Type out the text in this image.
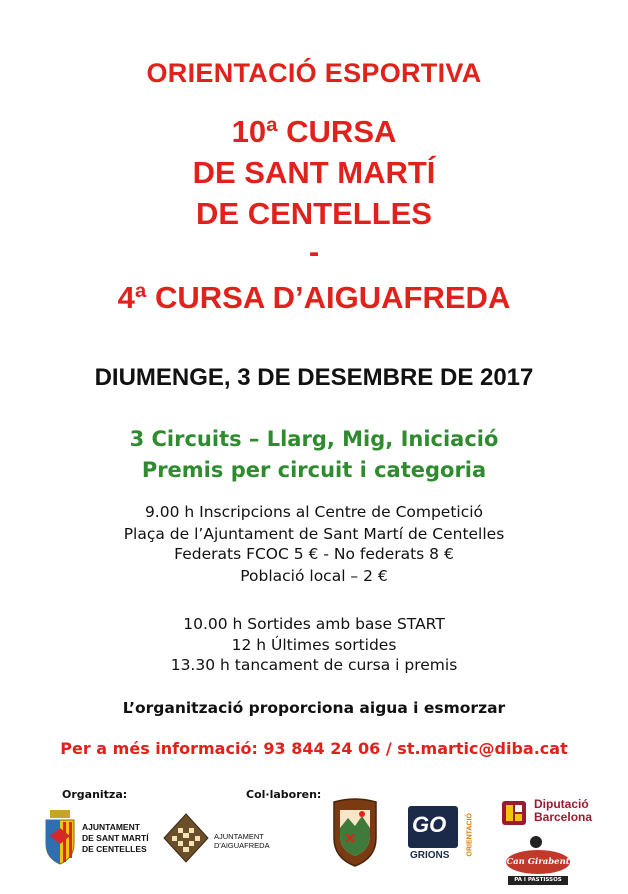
ORIENTACIÓ ESPORTIVA
10ª CURSA
DE SANT MARTÍ
DE CENTELLES
-
4ª CURSA D’AIGUAFREDA
DIUMENGE, 3 DE DESEMBRE DE 2017
3 Circuits – Llarg, Mig, Iniciació
Premis per circuit i categoria
9.00 h Inscripcions al Centre de Competició
Plaça de l’Ajuntament de Sant Martí de Centelles
Federats FCOC 5 € - No federats 8 €
Població local – 2 €
10.00 h Sortides amb base START
12 h Últimes sortides
13.30 h tancament de cursa i premis
L’organització proporciona aigua i esmorzar
Per a més informació: 93 844 24 06 / st.martic@diba.cat
Organitza:	Col·laboren:
AJUNTAMENT
DE SANT MARTÍ
DE CENTELLES
AJUNTAMENT
D'AIGUAFREDA
GO
GRIONS ORIENTACIÓ
Diputació
Barcelona
Can Girabent
PA I PASTISSOS
